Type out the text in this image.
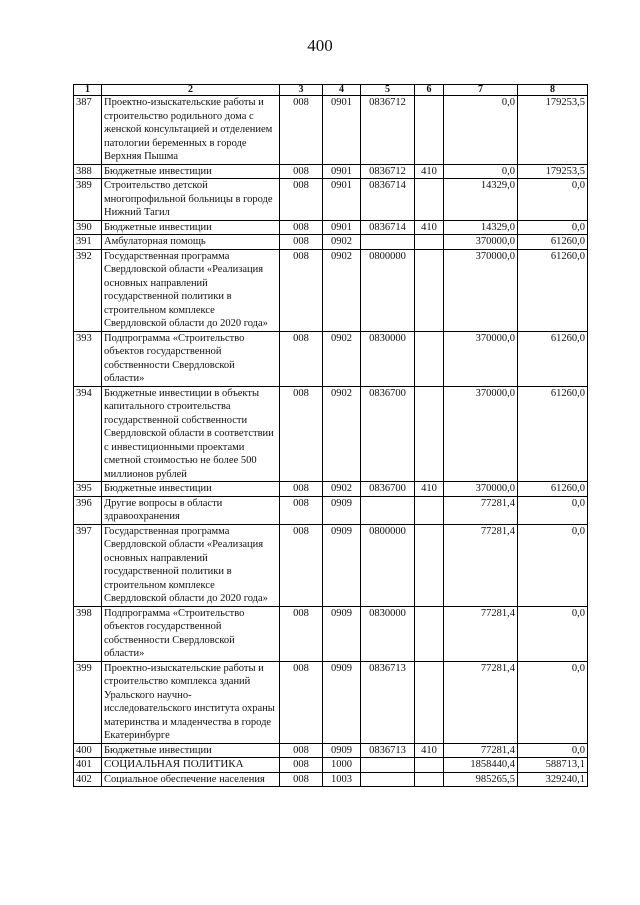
400
1	2	3	4	5	6	7	8
387	Проектно-изыскательские работы и строительство родильного дома с женской консультацией и отделением патологии беременных в городе Верхняя Пышма	008	0901	0836712		0,0	179253,5
388	Бюджетные инвестиции	008	0901	0836712	410	0,0	179253,5
389	Строительство детской многопрофильной больницы в городе Нижний Тагил	008	0901	0836714		14329,0	0,0
390	Бюджетные инвестиции	008	0901	0836714	410	14329,0	0,0
391	Амбулаторная помощь	008	0902			370000,0	61260,0
392	Государственная программа Свердловской области «Реализация основных направлений государственной политики в строительном комплексе Свердловской области до 2020 года»	008	0902	0800000		370000,0	61260,0
393	Подпрограмма «Строительство объектов государственной собственности Свердловской области»	008	0902	0830000		370000,0	61260,0
394	Бюджетные инвестиции в объекты капитального строительства государственной собственности Свердловской области в соответствии с инвестиционными проектами сметной стоимостью не более 500 миллионов рублей	008	0902	0836700		370000,0	61260,0
395	Бюджетные инвестиции	008	0902	0836700	410	370000,0	61260,0
396	Другие вопросы в области здравоохранения	008	0909			77281,4	0,0
397	Государственная программа Свердловской области «Реализация основных направлений государственной политики в строительном комплексе Свердловской области до 2020 года»	008	0909	0800000		77281,4	0,0
398	Подпрограмма «Строительство объектов государственной собственности Свердловской области»	008	0909	0830000		77281,4	0,0
399	Проектно-изыскательские работы и строительство комплекса зданий Уральского научно-исследовательского института охраны материнства и младенчества в городе Екатеринбурге	008	0909	0836713		77281,4	0,0
400	Бюджетные инвестиции	008	0909	0836713	410	77281,4	0,0
401	СОЦИАЛЬНАЯ ПОЛИТИКА	008	1000			1858440,4	588713,1
402	Социальное обеспечение населения	008	1003			985265,5	329240,1
